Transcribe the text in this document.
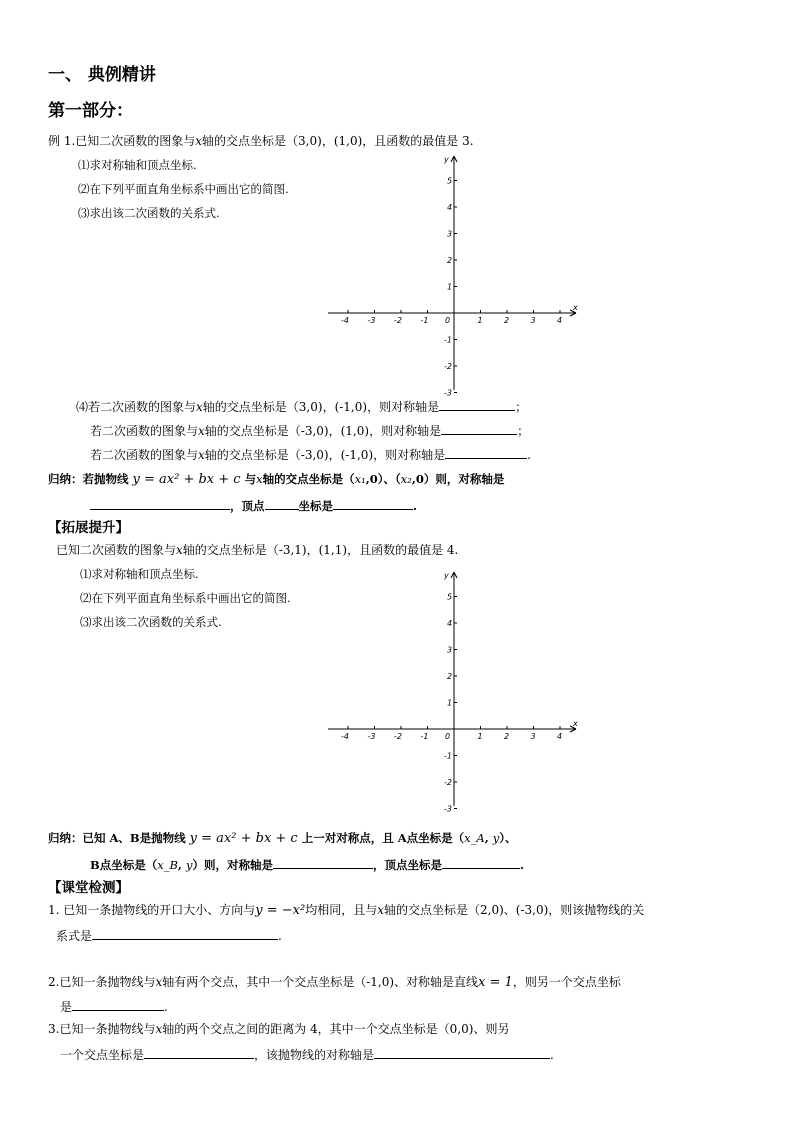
一、 典例精讲
第一部分：
例 1.已知二次函数的图象与x轴的交点坐标是（3,0)，(1,0)，且函数的最值是 3.
⑴求对称轴和顶点坐标.
⑵在下列平面直角坐标系中画出它的简图.
⑶求出该二次函数的关系式.
x
y
0
-4 -3 -2 -1	1	2	3	4
5
4
3
2
1
-1
-2
-3
⑷若二次函数的图象与x轴的交点坐标是（3,0)，(-1,0)，则对称轴是	；
若二次函数的图象与x轴的交点坐标是（-3,0)，(1,0)，则对称轴是	；
若二次函数的图象与x轴的交点坐标是（-3,0)，(-1,0)，则对称轴是	.
归纳：若抛物线 y = ax² + bx + c 与x轴的交点坐标是（x₁,0）、（x₂,0）则，对称轴是
，顶点	坐标是	.
【拓展提升】
已知二次函数的图象与x轴的交点坐标是（-3,1)，(1,1)，且函数的最值是 4.
⑴求对称轴和顶点坐标.
⑵在下列平面直角坐标系中画出它的简图.
⑶求出该二次函数的关系式.
x
y
0
-4 -3 -2 -1	1	2	3	4
5
4
3
2
1
-1
-2
-3
归纳：已知 A、B是抛物线 y = ax² + bx + c 上一对对称点，且 A点坐标是（x_A, y）、
B点坐标是（x_B, y）则，对称轴是	，顶点坐标是	.
【课堂检测】
1. 已知一条抛物线的开口大小、方向与y = −x²均相同，且与x轴的交点坐标是（2,0)、(-3,0)，则该抛物线的关
系式是	.
2.已知一条抛物线与x轴有两个交点，其中一个交点坐标是（-1,0)、对称轴是直线x = 1，则另一个交点坐标
是	.
3.已知一条抛物线与x轴的两个交点之间的距离为 4，其中一个交点坐标是（0,0)、则另
一个交点坐标是	，该抛物线的对称轴是	.
